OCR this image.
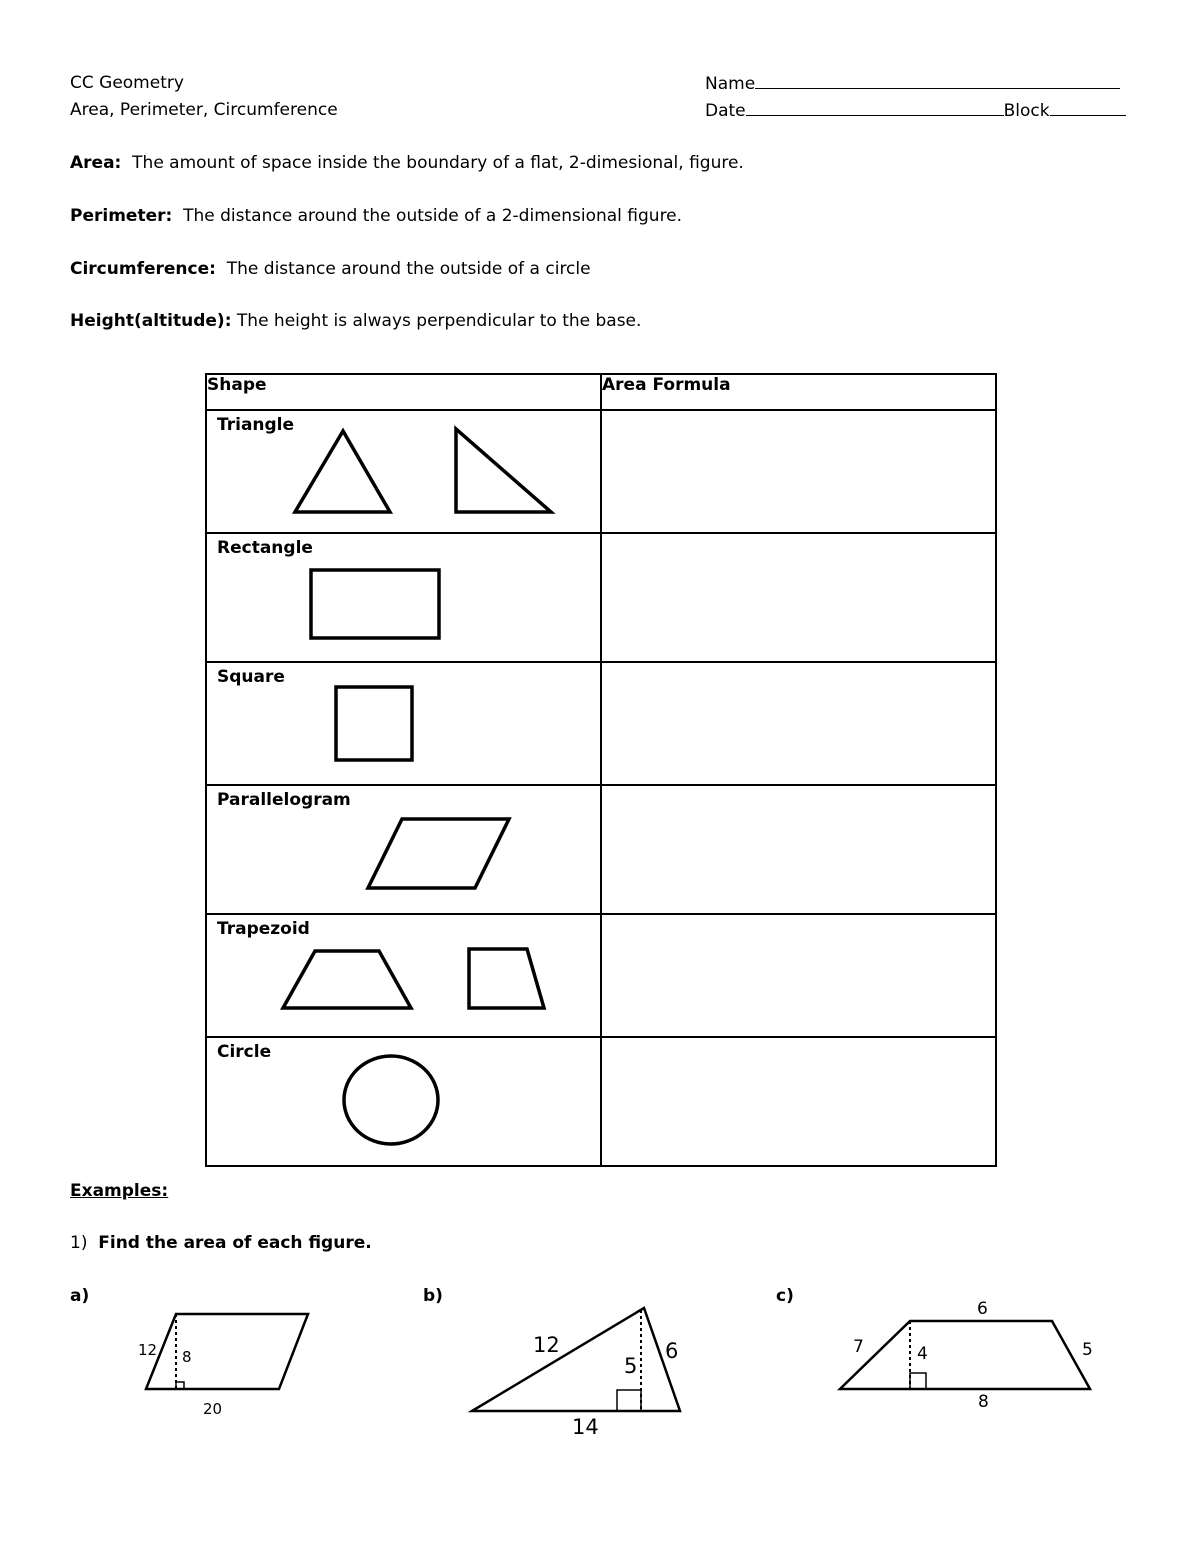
CC Geometry
Area, Perimeter, Circumference
Name
Date	Block
Area: The amount of space inside the boundary of a flat, 2-dimesional, figure.
Perimeter: The distance around the outside of a 2-dimensional figure.
Circumference: The distance around the outside of a circle
Height(altitude): The height is always perpendicular to the base.
Shape	Area Formula

Triangle	

Rectangle	

Square	

Parallelogram	

Trapezoid	

Circle	

Examples:
1) Find the area of each figure.
a)	b)	c)
12 8
20
12
5
6
14
6
7	4	5
8
